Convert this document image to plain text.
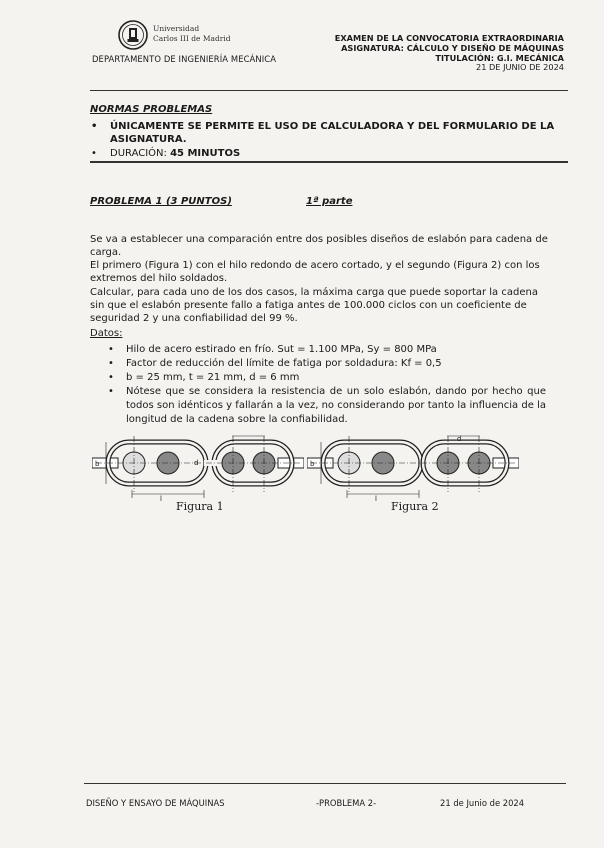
Universidad
Carlos III de Madrid
DEPARTAMENTO DE INGENIERÍA MECÁNICA
EXAMEN DE LA CONVOCATORIA EXTRAORDINARIA
ASIGNATURA: CÁLCULO Y DISEÑO DE MÁQUINAS
TITULACIÓN: G.I. MECÁNICA
21 DE JUNIO DE 2024
NORMAS PROBLEMAS
• ÚNICAMENTE SE PERMITE EL USO DE CALCULADORA Y DEL FORMULARIO DE LA ASIGNATURA.
• DURACIÓN: 45 MINUTOS
PROBLEMA 1 (3 PUNTOS)	1ª parte
Se va a establecer una comparación entre dos posibles diseños de eslabón para cadena de carga.
El primero (Figura 1) con el hilo redondo de acero cortado, y el segundo (Figura 2) con los extremos del hilo soldados.
Calcular, para cada uno de los dos casos, la máxima carga que puede soportar la cadena sin que el eslabón presente fallo a fatiga antes de 100.000 ciclos con un coeficiente de seguridad 2 y una confiabilidad del 99 %.
Datos:
• Hilo de acero estirado en frío. Sut = 1.100 MPa, Sy = 800 MPa
• Factor de reducción del límite de fatiga por soldadura: Kf = 0,5
• b = 25 mm, t = 21 mm, d = 6 mm
• Nótese que se considera la resistencia de un solo eslabón, dando por hecho que todos son idénticos y fallarán a la vez, no considerando por tanto la influencia de la longitud de la cadena sobre la confiabilidad.
b	d
l
Figura 1
b
d
l
Figura 2
DISEÑO Y ENSAYO DE MÁQUINAS	-PROBLEMA 2-	21 de Junio de 2024
